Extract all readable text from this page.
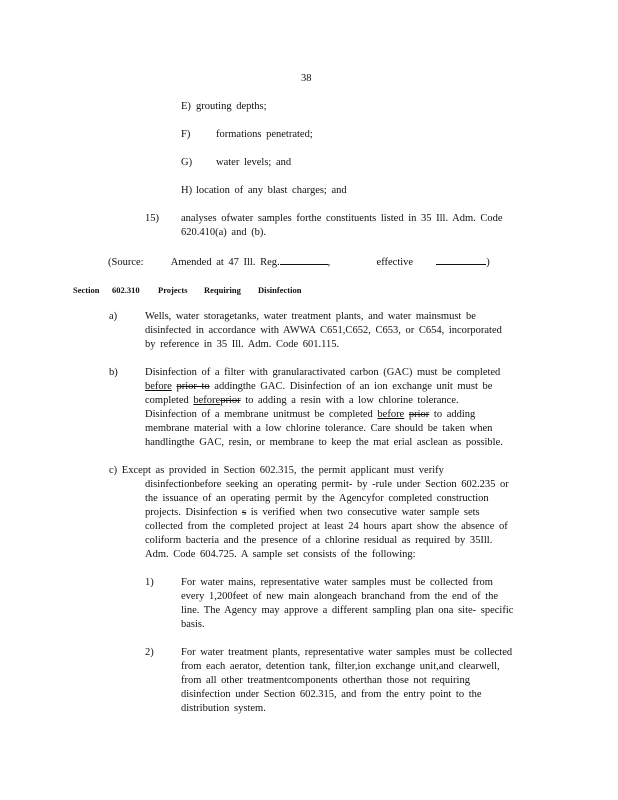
38
E) grouting depths;
F) formations penetrated;
G) water levels; and
H) location of any blast charges; and
15) analyses ofwater samples forthe constituents listed in 35 Ill. Adm. Code
620.410(a) and (b).
(Source:	Amended at 47 Ill. Reg.	,	effective	)
Section 602.310 Projects Requiring Disinfection
a)	Wells, water storagetanks, water treatment plants, and water mainsmust be
disinfected in accordance with AWWA C651,C652, C653, or C654, incorporated
by reference in 35 Ill. Adm. Code 601.115.
b)	Disinfection of a filter with granularactivated carbon (GAC) must be completed
before prior to addingthe GAC. Disinfection of an ion exchange unit must be
completed beforeprior to adding a resin with a low chlorine tolerance.
Disinfection of a membrane unitmust be completed before prior to adding
membrane material with a low chlorine tolerance. Care should be taken when
handlingthe GAC, resin, or membrane to keep the mat erial asclean as possible.
c) Except as provided in Section 602.315, the permit applicant must verify
disinfectionbefore seeking an operating permit- by -rule under Section 602.235 or
the issuance of an operating permit by the Agencyfor completed construction
projects. Disinfection s is verified when two consecutive water sample sets
collected from the completed project at least 24 hours apart show the absence of
coliform bacteria and the presence of a chlorine residual as required by 35Ill.
Adm. Code 604.725. A sample set consists of the following:
1)	For water mains, representative water samples must be collected from
every 1,200feet of new main alongeach branchand from the end of the
line. The Agency may approve a different sampling plan ona site- specific
basis.
2)	For water treatment plants, representative water samples must be collected
from each aerator, detention tank, filter,ion exchange unit,and clearwell,
from all other treatmentcomponents otherthan those not requiring
disinfection under Section 602.315, and from the entry point to the
distribution system.
